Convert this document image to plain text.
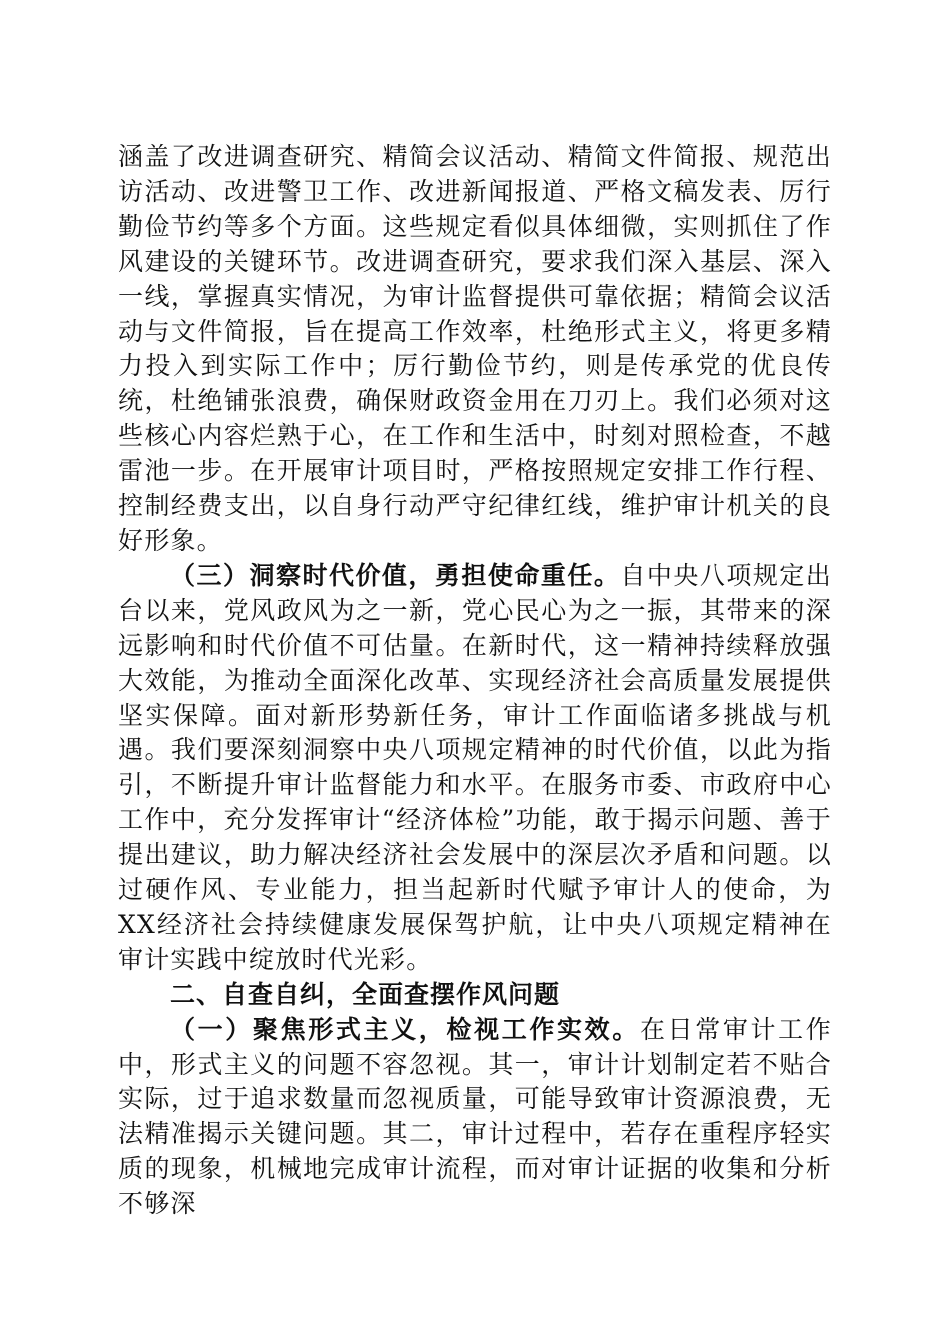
涵盖了改进调查研究、精简会议活动、精简文件简报、规范出访活动、改进警卫工作、改进新闻报道、严格文稿发表、厉行勤俭节约等多个方面。这些规定看似具体细微，实则抓住了作风建设的关键环节。改进调查研究，要求我们深入基层、深入一线，掌握真实情况，为审计监督提供可靠依据；精简会议活动与文件简报，旨在提高工作效率，杜绝形式主义，将更多精力投入到实际工作中；厉行勤俭节约，则是传承党的优良传统，杜绝铺张浪费，确保财政资金用在刀刃上。我们必须对这些核心内容烂熟于心，在工作和生活中，时刻对照检查，不越雷池一步。在开展审计项目时，严格按照规定安排工作行程、控制经费支出，以自身行动严守纪律红线，维护审计机关的良好形象。

（三）洞察时代价值，勇担使命重任。自中央八项规定出台以来，党风政风为之一新，党心民心为之一振，其带来的深远影响和时代价值不可估量。在新时代，这一精神持续释放强大效能，为推动全面深化改革、实现经济社会高质量发展提供坚实保障。面对新形势新任务，审计工作面临诸多挑战与机遇。我们要深刻洞察中央八项规定精神的时代价值，以此为指引，不断提升审计监督能力和水平。在服务市委、市政府中心工作中，充分发挥审计“经济体检”功能，敢于揭示问题、善于提出建议，助力解决经济社会发展中的深层次矛盾和问题。以过硬作风、专业能力，担当起新时代赋予审计人的使命，为XX经济社会持续健康发展保驾护航，让中央八项规定精神在审计实践中绽放时代光彩。

二、自查自纠，全面查摆作风问题

（一）聚焦形式主义，检视工作实效。在日常审计工作中，形式主义的问题不容忽视。其一，审计计划制定若不贴合实际，过于追求数量而忽视质量，可能导致审计资源浪费，无法精准揭示关键问题。其二，审计过程中，若存在重程序轻实质的现象，机械地完成审计流程，而对审计证据的收集和分析不够深
